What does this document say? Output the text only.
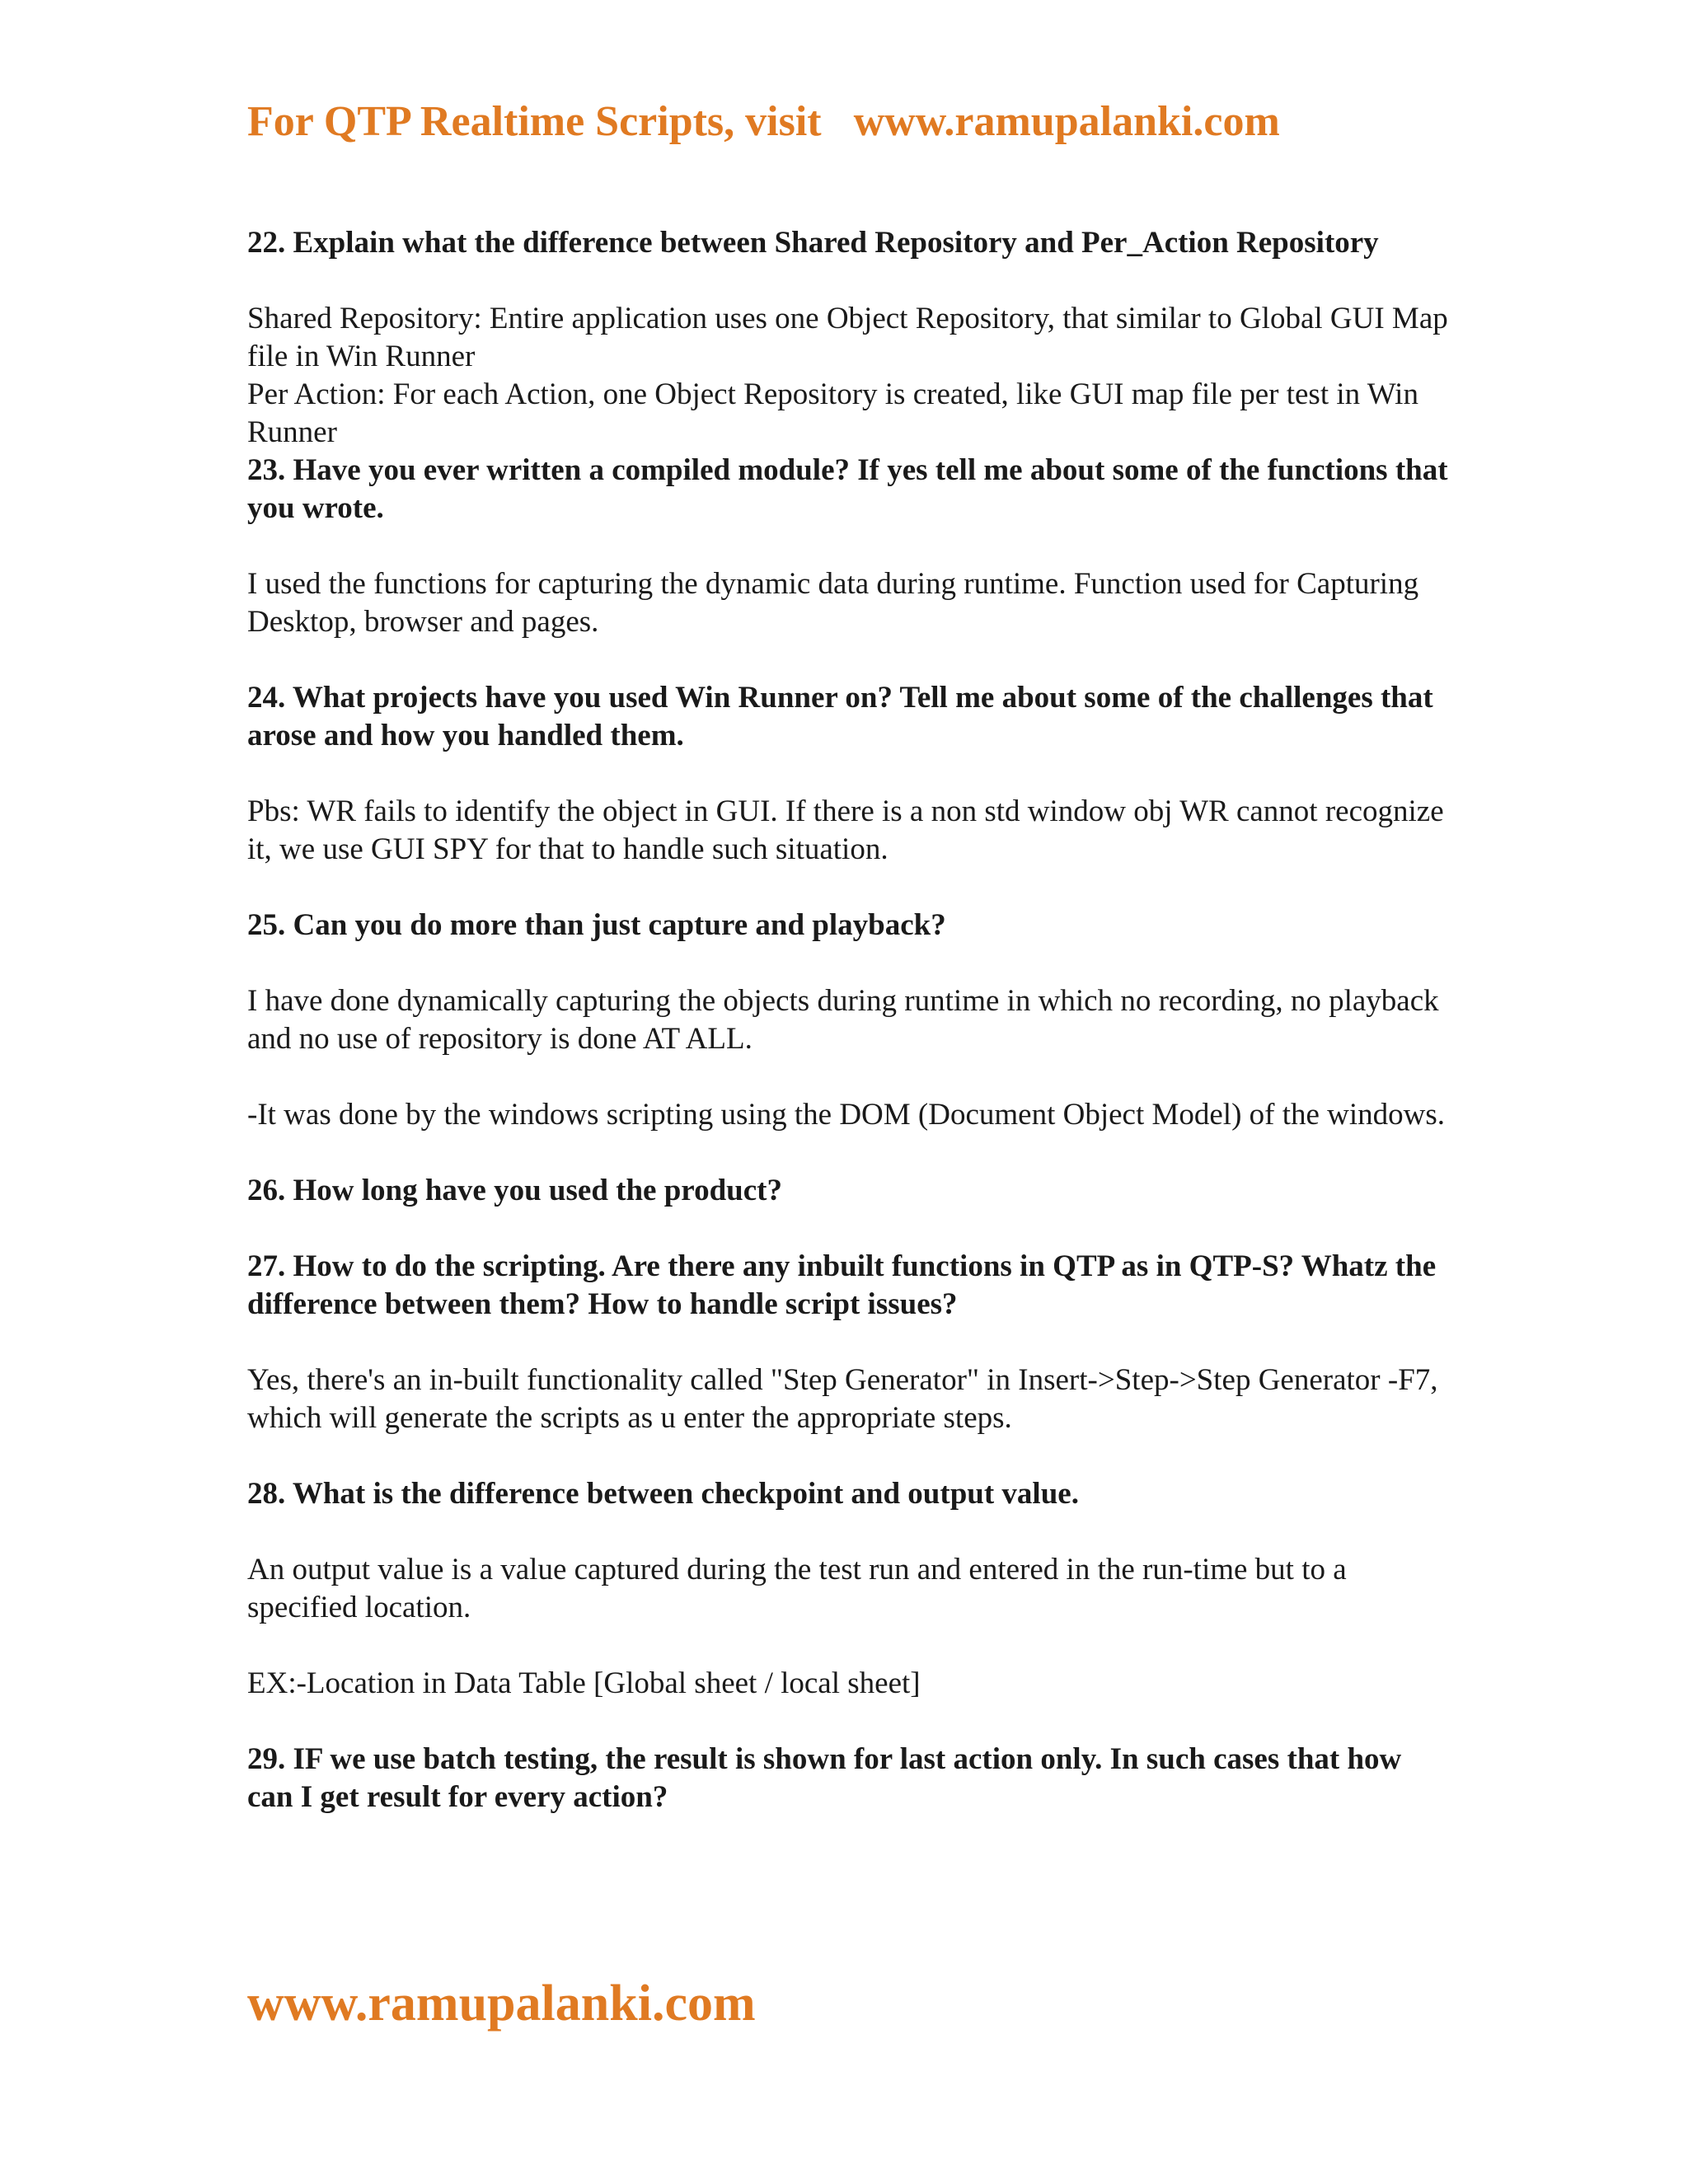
For QTP Realtime Scripts, visit   www.ramupalanki.com

22. Explain what the difference between Shared Repository and Per_Action Repository

Shared Repository: Entire application uses one Object Repository, that similar to Global GUI Map file in Win Runner

Per Action: For each Action, one Object Repository is created, like GUI map file per test in Win Runner

23. Have you ever written a compiled module? If yes tell me about some of the functions that you wrote.

I used the functions for capturing the dynamic data during runtime. Function used for Capturing Desktop, browser and pages.

24. What projects have you used Win Runner on? Tell me about some of the challenges that arose and how you handled them.

Pbs: WR fails to identify the object in GUI. If there is a non std window obj WR cannot recognize it, we use GUI SPY for that to handle such situation.

25. Can you do more than just capture and playback?

I have done dynamically capturing the objects during runtime in which no recording, no playback and no use of repository is done AT ALL.

-It was done by the windows scripting using the DOM (Document Object Model) of the windows.

26. How long have you used the product?

27. How to do the scripting. Are there any inbuilt functions in QTP as in QTP-S? Whatz the difference between them? How to handle script issues?

Yes, there's an in-built functionality called "Step Generator" in Insert->Step->Step Generator -F7, which will generate the scripts as u enter the appropriate steps.

28. What is the difference between checkpoint and output value.

An output value is a value captured during the test run and entered in the run-time but to a specified location.

EX:-Location in Data Table [Global sheet / local sheet]

29. IF we use batch testing, the result is shown for last action only. In such cases that how can I get result for every action?

www.ramupalanki.com
